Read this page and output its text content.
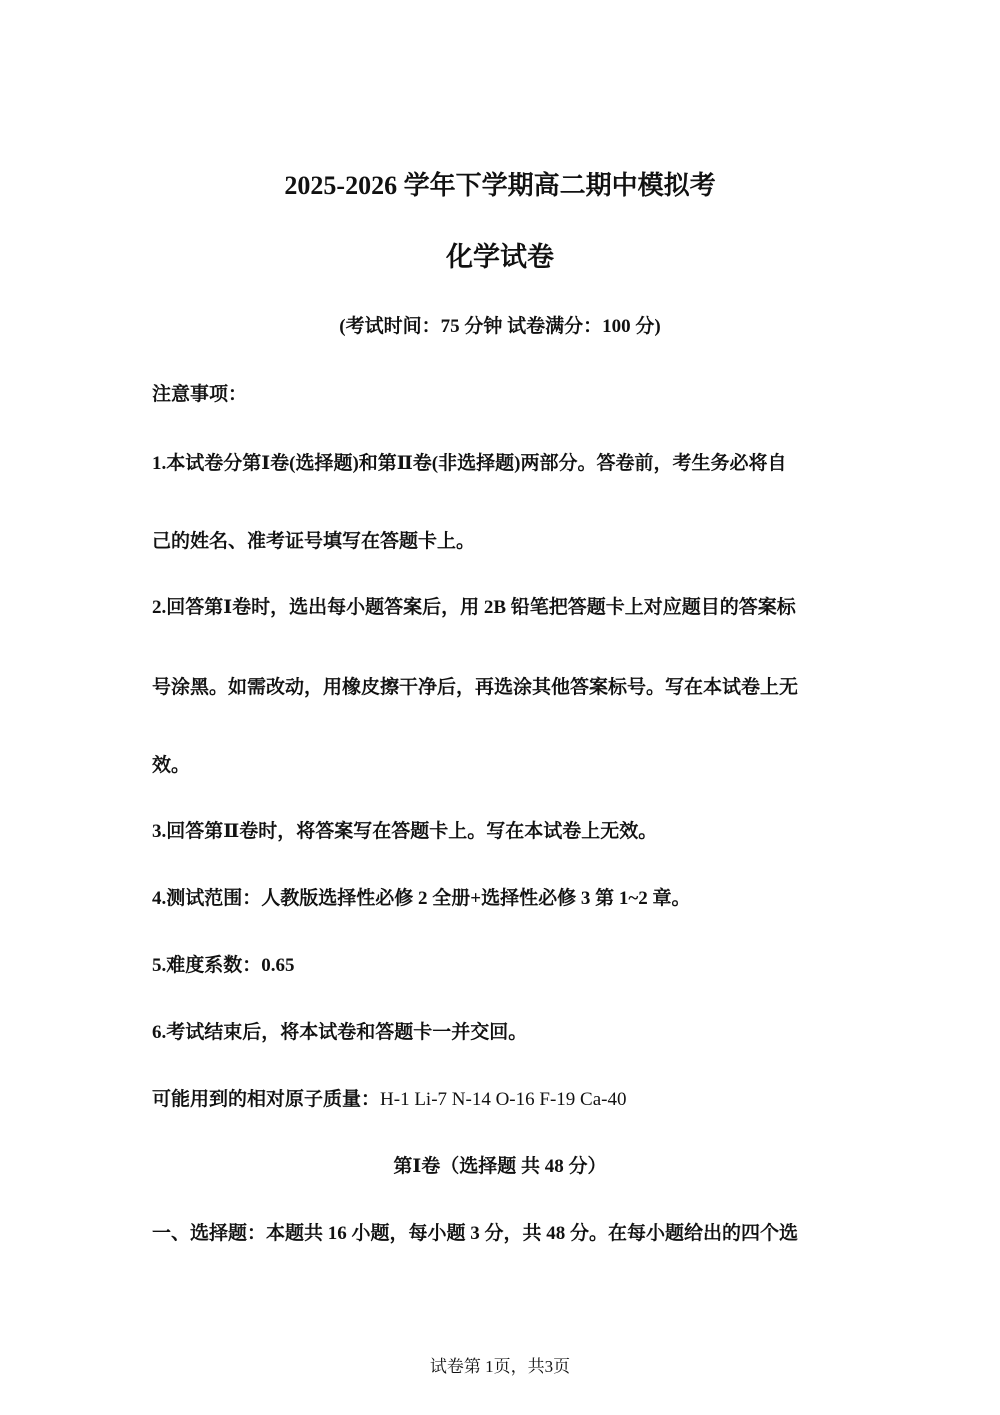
2025-2026 学年下学期高二期中模拟考
化学试卷
(考试时间：75 分钟 试卷满分：100 分)
注意事项：
1.本试卷分第Ⅰ卷(选择题)和第Ⅱ卷(非选择题)两部分。答卷前，考生务必将自
己的姓名、准考证号填写在答题卡上。
2.回答第Ⅰ卷时，选出每小题答案后，用 2B 铅笔把答题卡上对应题目的答案标
号涂黑。如需改动，用橡皮擦干净后，再选涂其他答案标号。写在本试卷上无
效。
3.回答第Ⅱ卷时，将答案写在答题卡上。写在本试卷上无效。
4.测试范围：人教版选择性必修 2 全册+选择性必修 3 第 1~2 章。
5.难度系数：0.65
6.考试结束后，将本试卷和答题卡一并交回。
可能用到的相对原子质量：H-1 Li-7 N-14 O-16 F-19 Ca-40
第Ⅰ卷（选择题 共 48 分）
一、选择题：本题共 16 小题，每小题 3 分，共 48 分。在每小题给出的四个选
试卷第 1页，共3页
